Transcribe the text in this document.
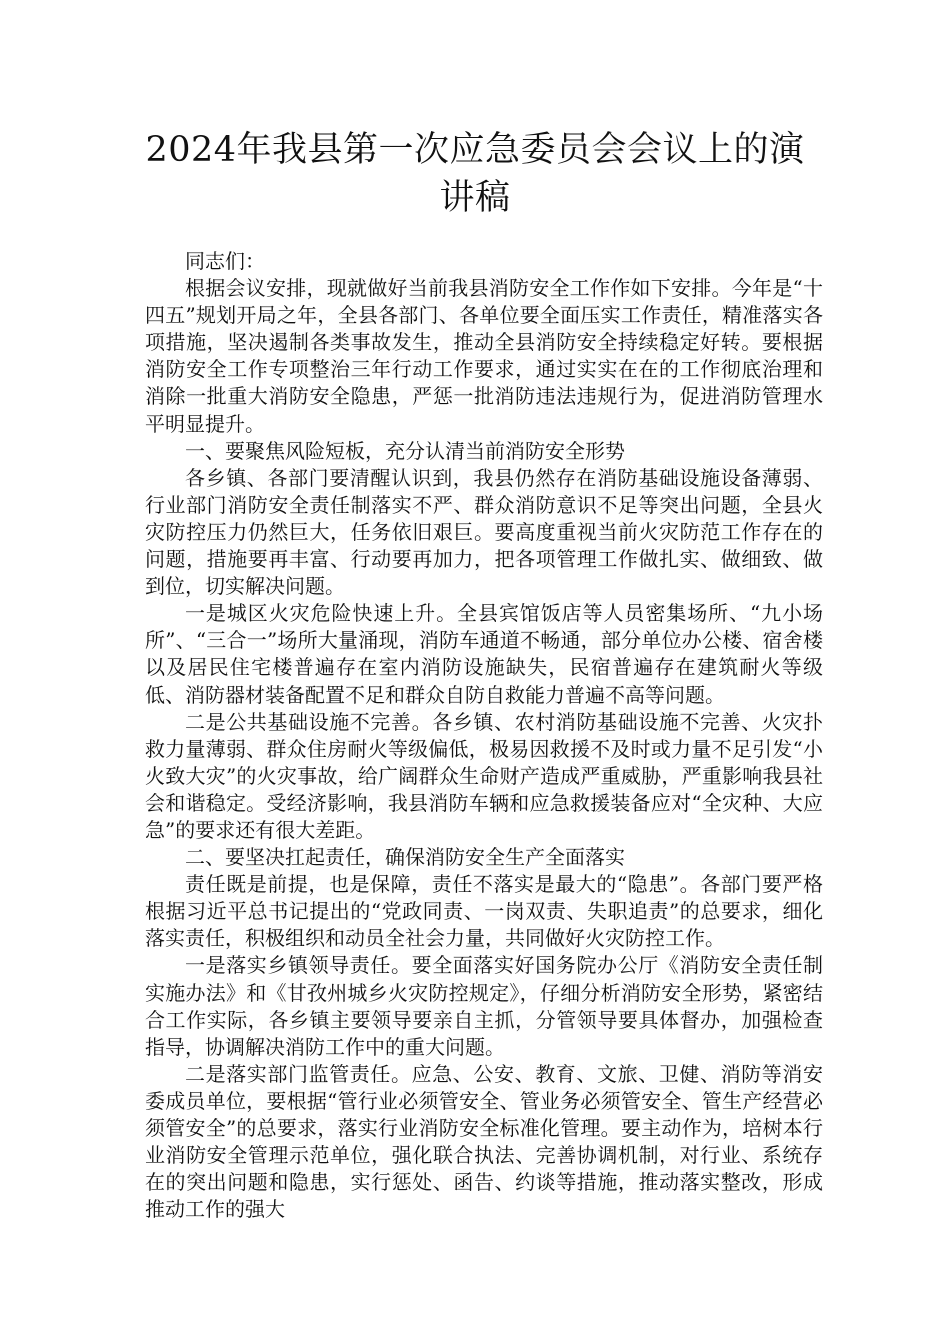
2024年我县第一次应急委员会会议上的演讲稿

同志们：

根据会议安排，现就做好当前我县消防安全工作作如下安排。今年是“十四五”规划开局之年，全县各部门、各单位要全面压实工作责任，精准落实各项措施，坚决遏制各类事故发生，推动全县消防安全持续稳定好转。要根据消防安全工作专项整治三年行动工作要求，通过实实在在的工作彻底治理和消除一批重大消防安全隐患，严惩一批消防违法违规行为，促进消防管理水平明显提升。

一、要聚焦风险短板，充分认清当前消防安全形势

各乡镇、各部门要清醒认识到，我县仍然存在消防基础设施设备薄弱、行业部门消防安全责任制落实不严、群众消防意识不足等突出问题，全县火灾防控压力仍然巨大，任务依旧艰巨。要高度重视当前火灾防范工作存在的问题，措施要再丰富、行动要再加力，把各项管理工作做扎实、做细致、做到位，切实解决问题。

一是城区火灾危险快速上升。全县宾馆饭店等人员密集场所、“九小场所”、“三合一”场所大量涌现，消防车通道不畅通，部分单位办公楼、宿舍楼以及居民住宅楼普遍存在室内消防设施缺失，民宿普遍存在建筑耐火等级低、消防器材装备配置不足和群众自防自救能力普遍不高等问题。

二是公共基础设施不完善。各乡镇、农村消防基础设施不完善、火灾扑救力量薄弱、群众住房耐火等级偏低，极易因救援不及时或力量不足引发“小火致大灾”的火灾事故，给广阔群众生命财产造成严重威胁，严重影响我县社会和谐稳定。受经济影响，我县消防车辆和应急救援装备应对“全灾种、大应急”的要求还有很大差距。

二、要坚决扛起责任，确保消防安全生产全面落实

责任既是前提，也是保障，责任不落实是最大的“隐患”。各部门要严格根据习近平总书记提出的“党政同责、一岗双责、失职追责”的总要求，细化落实责任，积极组织和动员全社会力量，共同做好火灾防控工作。

一是落实乡镇领导责任。要全面落实好国务院办公厅《消防安全责任制实施办法》和《甘孜州城乡火灾防控规定》，仔细分析消防安全形势，紧密结合工作实际，各乡镇主要领导要亲自主抓，分管领导要具体督办，加强检查指导，协调解决消防工作中的重大问题。

二是落实部门监管责任。应急、公安、教育、文旅、卫健、消防等消安委成员单位，要根据“管行业必须管安全、管业务必须管安全、管生产经营必须管安全”的总要求，落实行业消防安全标准化管理。要主动作为，培树本行业消防安全管理示范单位，强化联合执法、完善协调机制，对行业、系统存在的突出问题和隐患，实行惩处、函告、约谈等措施，推动落实整改，形成推动工作的强大
